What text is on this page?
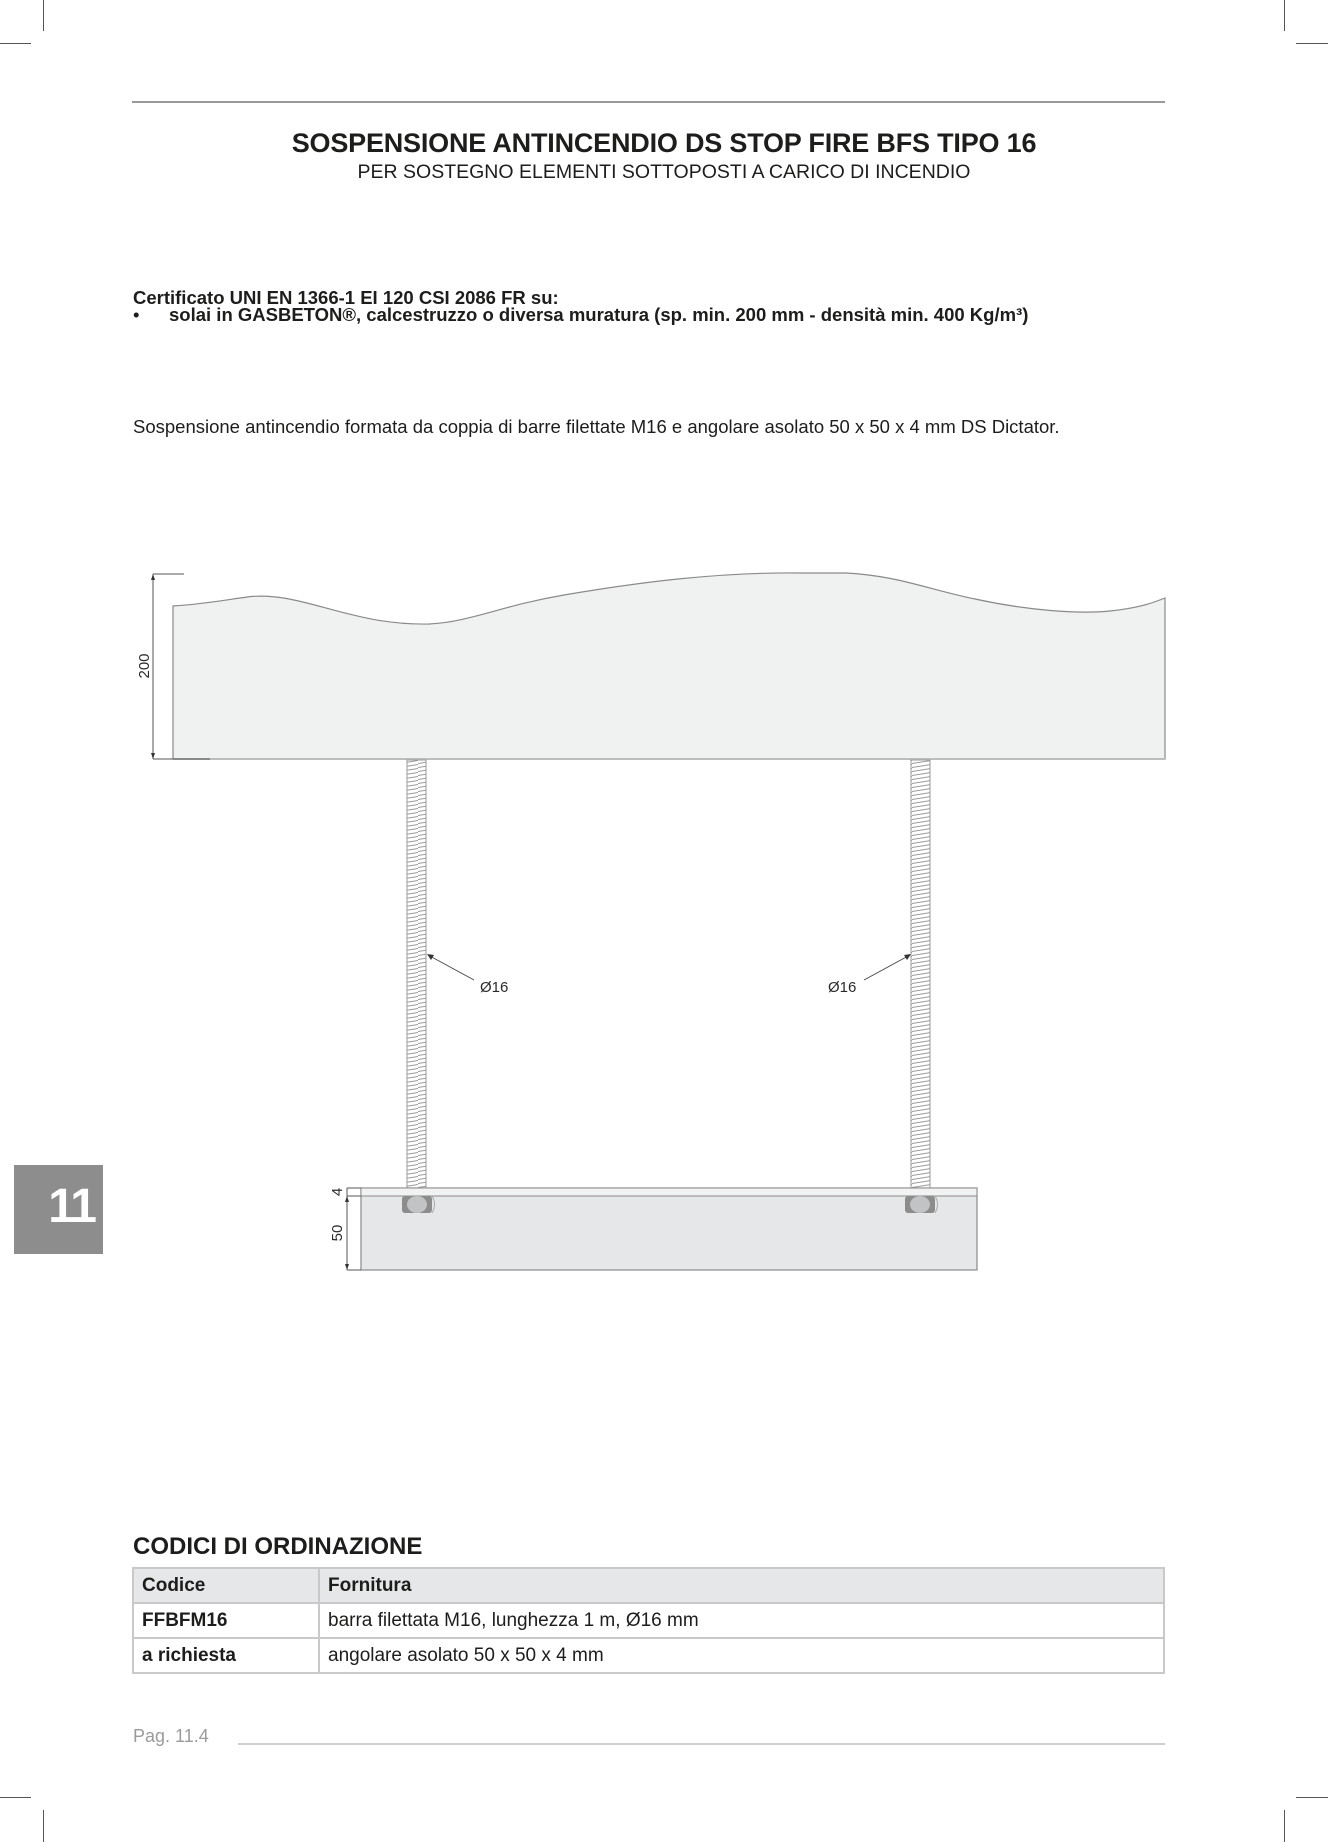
SOSPENSIONE ANTINCENDIO DS STOP FIRE BFS TIPO 16
PER SOSTEGNO ELEMENTI SOTTOPOSTI A CARICO DI INCENDIO
Certificato UNI EN 1366-1 EI 120 CSI 2086 FR su:
• solai in GASBETON®, calcestruzzo o diversa muratura (sp. min. 200 mm - densità min. 400 Kg/m³)
Sospensione antincendio formata da coppia di barre filettate M16 e angolare asolato 50 x 50 x 4 mm DS Dictator.
200
Ø16	Ø16
4
50
11
CODICI DI ORDINAZIONE
Codice	Fornitura
FFBFM16	barra filettata M16, lunghezza 1 m, Ø16 mm
a richiesta	angolare asolato 50 x 50 x 4 mm
Pag. 11.4
